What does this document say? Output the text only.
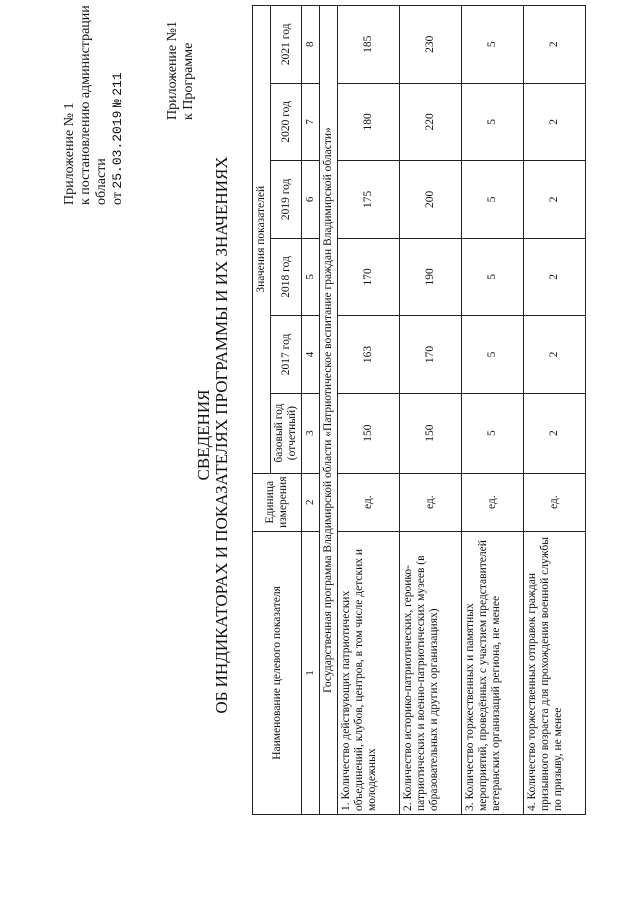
Приложение № 1 к постановлению администрации области от 25.03.2019 № 211	Приложение №1 к Программе
СВЕДЕНИЯ ОБ ИНДИКАТОРАХ И ПОКАЗАТЕЛЯХ ПРОГРАММЫ И ИХ ЗНАЧЕНИЯХ	Наименование целевого показателя	Единица измерения	Значения показателей					
		базовый год (отчетный)	2017 год	2018 год	2019 год	2020 год	2021 год
1	2	3	4	5	6	7	8
Государственная программа Владимирской области «Патриотическое воспитание граждан Владимирской области»							
1. Количество действующих патриотических объединений, клубов, центров, в том числе детских и молодежных	ед.	150	163	170	175	180	185
2. Количество историко-патриотических, героико-патриотических и военно-патриотических музеев (в образовательных и других организациях)	ед.	150	170	190	200	220	230
3. Количество торжественных и памятных мероприятий, проведённых с участием представителей ветеранских организаций региона, не менее	ед.	5	5	5	5	5	5
4. Количество торжественных отправок граждан призывного возраста для прохождения военной службы по призыву, не менее	ед.	2	2	2	2	2	2
